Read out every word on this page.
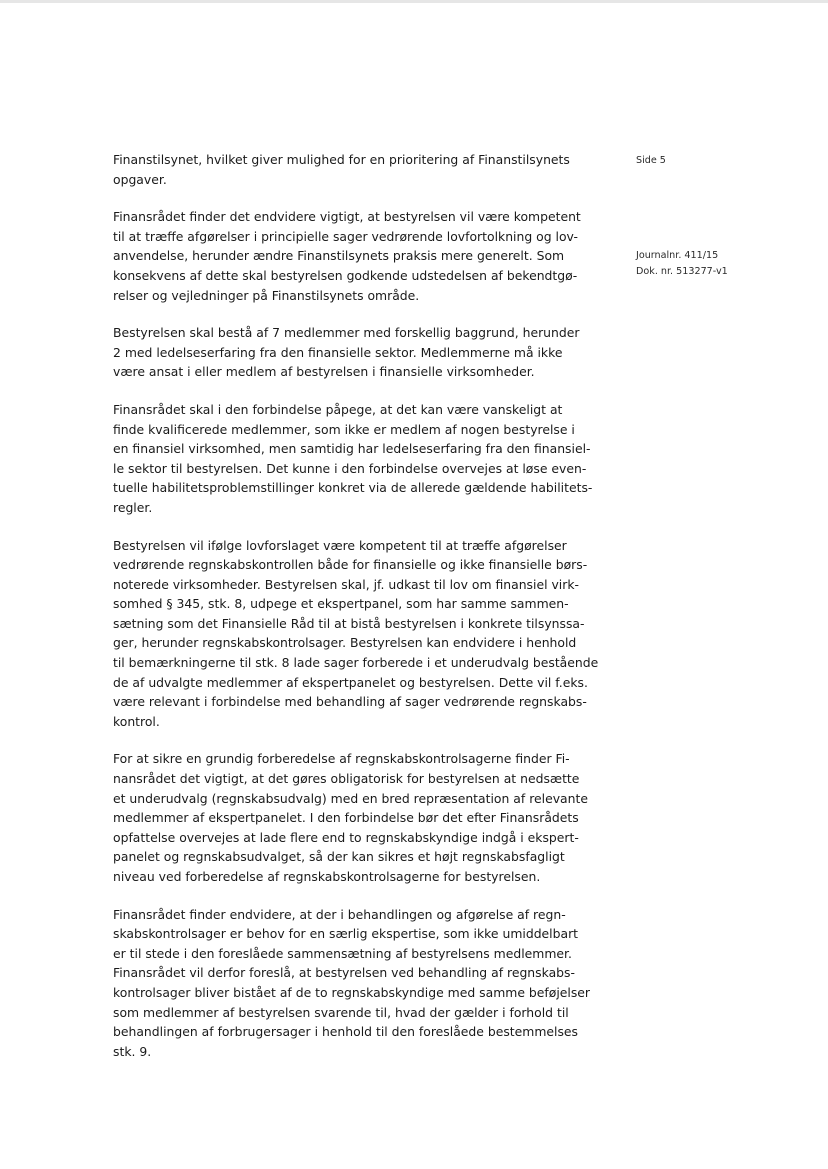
Side 5
Journalnr. 411/15
Dok. nr. 513277-v1
Finanstilsynet, hvilket giver mulighed for en prioritering af Finanstilsynets
opgaver.
Finansrådet finder det endvidere vigtigt, at bestyrelsen vil være kompetent
til at træffe afgørelser i principielle sager vedrørende lovfortolkning og lov-
anvendelse, herunder ændre Finanstilsynets praksis mere generelt. Som
konsekvens af dette skal bestyrelsen godkende udstedelsen af bekendtgø-
relser og vejledninger på Finanstilsynets område.
Bestyrelsen skal bestå af 7 medlemmer med forskellig baggrund, herunder
2 med ledelseserfaring fra den finansielle sektor. Medlemmerne må ikke
være ansat i eller medlem af bestyrelsen i finansielle virksomheder.
Finansrådet skal i den forbindelse påpege, at det kan være vanskeligt at
finde kvalificerede medlemmer, som ikke er medlem af nogen bestyrelse i
en finansiel virksomhed, men samtidig har ledelseserfaring fra den finansiel-
le sektor til bestyrelsen. Det kunne i den forbindelse overvejes at løse even-
tuelle habilitetsproblemstillinger konkret via de allerede gældende habilitets-
regler.
Bestyrelsen vil ifølge lovforslaget være kompetent til at træffe afgørelser
vedrørende regnskabskontrollen både for finansielle og ikke finansielle børs-
noterede virksomheder. Bestyrelsen skal, jf. udkast til lov om finansiel virk-
somhed § 345, stk. 8, udpege et ekspertpanel, som har samme sammen-
sætning som det Finansielle Råd til at bistå bestyrelsen i konkrete tilsynssa-
ger, herunder regnskabskontrolsager. Bestyrelsen kan endvidere i henhold
til bemærkningerne til stk. 8 lade sager forberede i et underudvalg bestående
de af udvalgte medlemmer af ekspertpanelet og bestyrelsen. Dette vil f.eks.
være relevant i forbindelse med behandling af sager vedrørende regnskabs-
kontrol.
For at sikre en grundig forberedelse af regnskabskontrolsagerne finder Fi-
nansrådet det vigtigt, at det gøres obligatorisk for bestyrelsen at nedsætte
et underudvalg (regnskabsudvalg) med en bred repræsentation af relevante
medlemmer af ekspertpanelet. I den forbindelse bør det efter Finansrådets
opfattelse overvejes at lade flere end to regnskabskyndige indgå i ekspert-
panelet og regnskabsudvalget, så der kan sikres et højt regnskabsfagligt
niveau ved forberedelse af regnskabskontrolsagerne for bestyrelsen.
Finansrådet finder endvidere, at der i behandlingen og afgørelse af regn-
skabskontrolsager er behov for en særlig ekspertise, som ikke umiddelbart
er til stede i den foreslåede sammensætning af bestyrelsens medlemmer.
Finansrådet vil derfor foreslå, at bestyrelsen ved behandling af regnskabs-
kontrolsager bliver bistået af de to regnskabskyndige med samme beføjelser
som medlemmer af bestyrelsen svarende til, hvad der gælder i forhold til
behandlingen af forbrugersager i henhold til den foreslåede bestemmelses
stk. 9.
